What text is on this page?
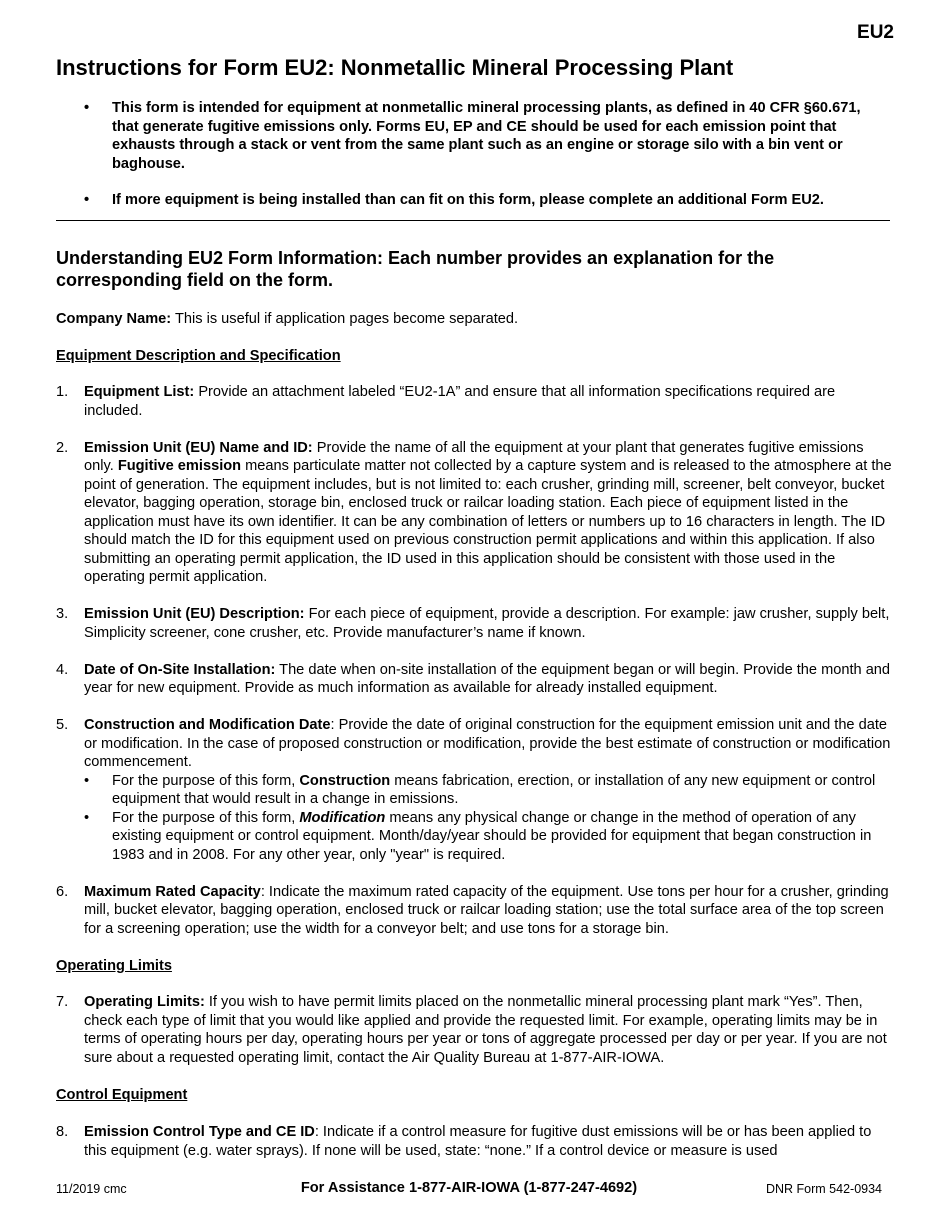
EU2
Instructions for Form EU2: Nonmetallic Mineral Processing Plant
• This form is intended for equipment at nonmetallic mineral processing plants, as defined in 40 CFR §60.671, that generate fugitive emissions only. Forms EU, EP and CE should be used for each emission point that exhausts through a stack or vent from the same plant such as an engine or storage silo with a bin vent or baghouse.
• If more equipment is being installed than can fit on this form, please complete an additional Form EU2.
Understanding EU2 Form Information: Each number provides an explanation for the corresponding field on the form.

Company Name: This is useful if application pages become separated.

Equipment Description and Specification

1. Equipment List: Provide an attachment labeled “EU2-1A” and ensure that all information specifications required are included.
2. Emission Unit (EU) Name and ID: Provide the name of all the equipment at your plant that generates fugitive emissions only. Fugitive emission means particulate matter not collected by a capture system and is released to the atmosphere at the point of generation. The equipment includes, but is not limited to: each crusher, grinding mill, screener, belt conveyor, bucket elevator, bagging operation, storage bin, enclosed truck or railcar loading station. Each piece of equipment listed in the application must have its own identifier. It can be any combination of letters or numbers up to 16 characters in length. The ID should match the ID for this equipment used on previous construction permit applications and within this application. If also submitting an operating permit application, the ID used in this application should be consistent with those used in the operating permit application.
3. Emission Unit (EU) Description: For each piece of equipment, provide a description. For example: jaw crusher, supply belt, Simplicity screener, cone crusher, etc. Provide manufacturer’s name if known.
4. Date of On-Site Installation: The date when on-site installation of the equipment began or will begin. Provide the month and year for new equipment. Provide as much information as available for already installed equipment.
5. Construction and Modification Date: Provide the date of original construction for the equipment emission unit and the date or modification. In the case of proposed construction or modification, provide the best estimate of construction or modification commencement.
• For the purpose of this form, Construction means fabrication, erection, or installation of any new equipment or control equipment that would result in a change in emissions.
• For the purpose of this form, Modification means any physical change or change in the method of operation of any existing equipment or control equipment. Month/day/year should be provided for equipment that began construction in 1983 and in 2008. For any other year, only "year" is required.
6. Maximum Rated Capacity: Indicate the maximum rated capacity of the equipment. Use tons per hour for a crusher, grinding mill, bucket elevator, bagging operation, enclosed truck or railcar loading station; use the total surface area of the top screen for a screening operation; use the width for a conveyor belt; and use tons for a storage bin.

Operating Limits

7. Operating Limits: If you wish to have permit limits placed on the nonmetallic mineral processing plant mark “Yes”. Then, check each type of limit that you would like applied and provide the requested limit. For example, operating limits may be in terms of operating hours per day, operating hours per year or tons of aggregate processed per day or per year. If you are not sure about a requested operating limit, contact the Air Quality Bureau at 1-877-AIR-IOWA.

Control Equipment

8. Emission Control Type and CE ID: Indicate if a control measure for fugitive dust emissions will be or has been applied to this equipment (e.g. water sprays). If none will be used, state: “none.” If a control device or measure is used
11/2019 cmc	For Assistance 1-877-AIR-IOWA (1-877-247-4692)	DNR Form 542-0934
